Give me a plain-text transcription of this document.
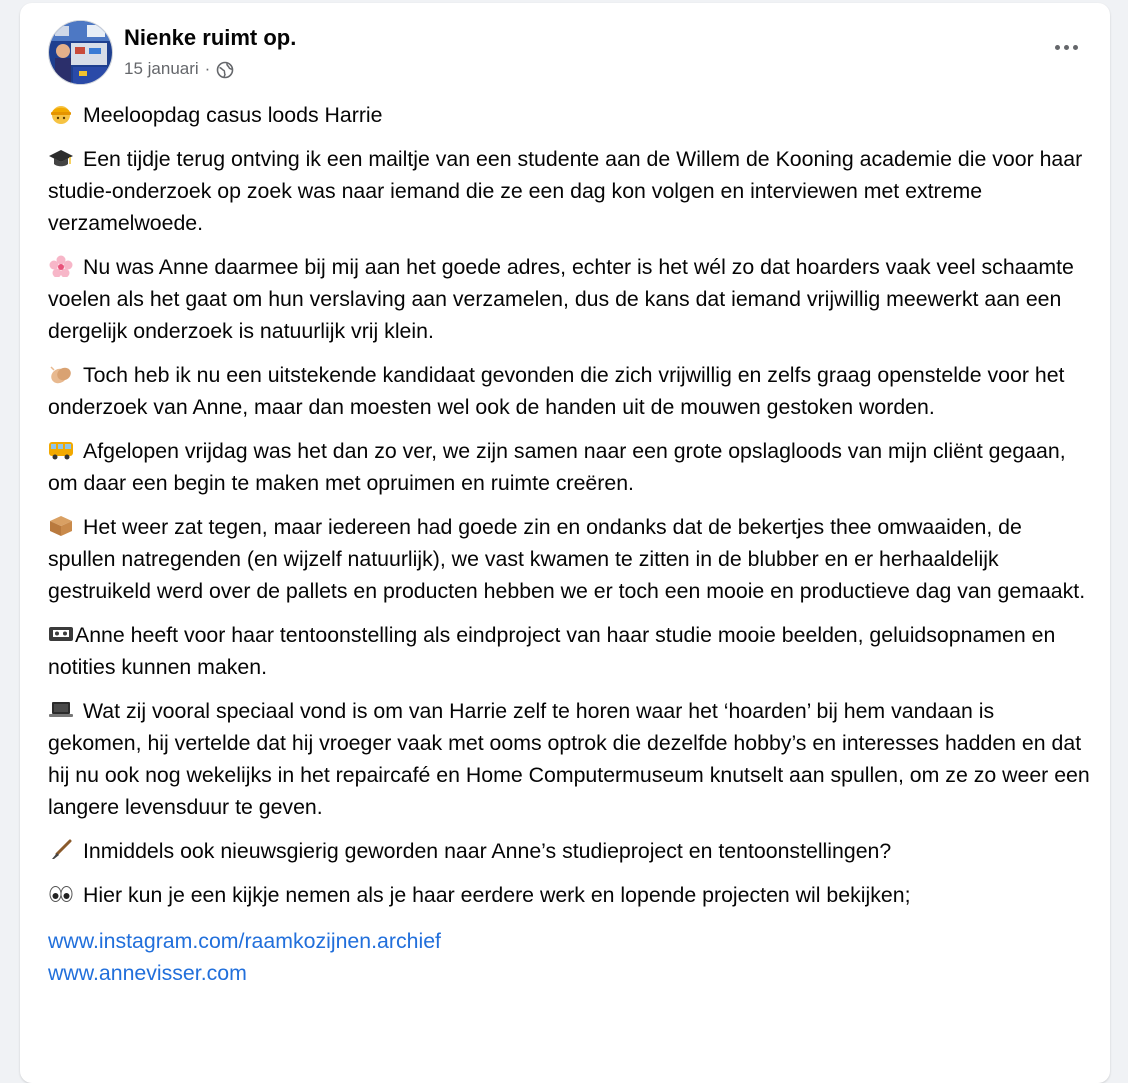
Nienke ruimt op.
15 januari ·

Meeloopdag casus loods Harrie

Een tijdje terug ontving ik een mailtje van een studente aan de Willem de Kooning academie die voor haar studie-onderzoek op zoek was naar iemand die ze een dag kon volgen en interviewen met extreme verzamelwoede.

Nu was Anne daarmee bij mij aan het goede adres, echter is het wél zo dat hoarders vaak veel schaamte voelen als het gaat om hun verslaving aan verzamelen, dus de kans dat iemand vrijwillig meewerkt aan een dergelijk onderzoek is natuurlijk vrij klein.

Toch heb ik nu een uitstekende kandidaat gevonden die zich vrijwillig en zelfs graag openstelde voor het onderzoek van Anne, maar dan moesten wel ook de handen uit de mouwen gestoken worden.

Afgelopen vrijdag was het dan zo ver, we zijn samen naar een grote opslagloods van mijn cliënt gegaan, om daar een begin te maken met opruimen en ruimte creëren.

Het weer zat tegen, maar iedereen had goede zin en ondanks dat de bekertjes thee omwaaiden, de spullen natregenden (en wijzelf natuurlijk), we vast kwamen te zitten in de blubber en er herhaaldelijk gestruikeld werd over de pallets en producten hebben we er toch een mooie en productieve dag van gemaakt.

Anne heeft voor haar tentoonstelling als eindproject van haar studie mooie beelden, geluidsopnamen en notities kunnen maken.

Wat zij vooral speciaal vond is om van Harrie zelf te horen waar het ‘hoarden’ bij hem vandaan is gekomen, hij vertelde dat hij vroeger vaak met ooms optrok die dezelfde hobby’s en interesses hadden en dat hij nu ook nog wekelijks in het repaircafé en Home Computermuseum knutselt aan spullen, om ze zo weer een langere levensduur te geven.

Inmiddels ook nieuwsgierig geworden naar Anne’s studieproject en tentoonstellingen?

Hier kun je een kijkje nemen als je haar eerdere werk en lopende projecten wil bekijken;

www.instagram.com/raamkozijnen.archief
www.annevisser.com
